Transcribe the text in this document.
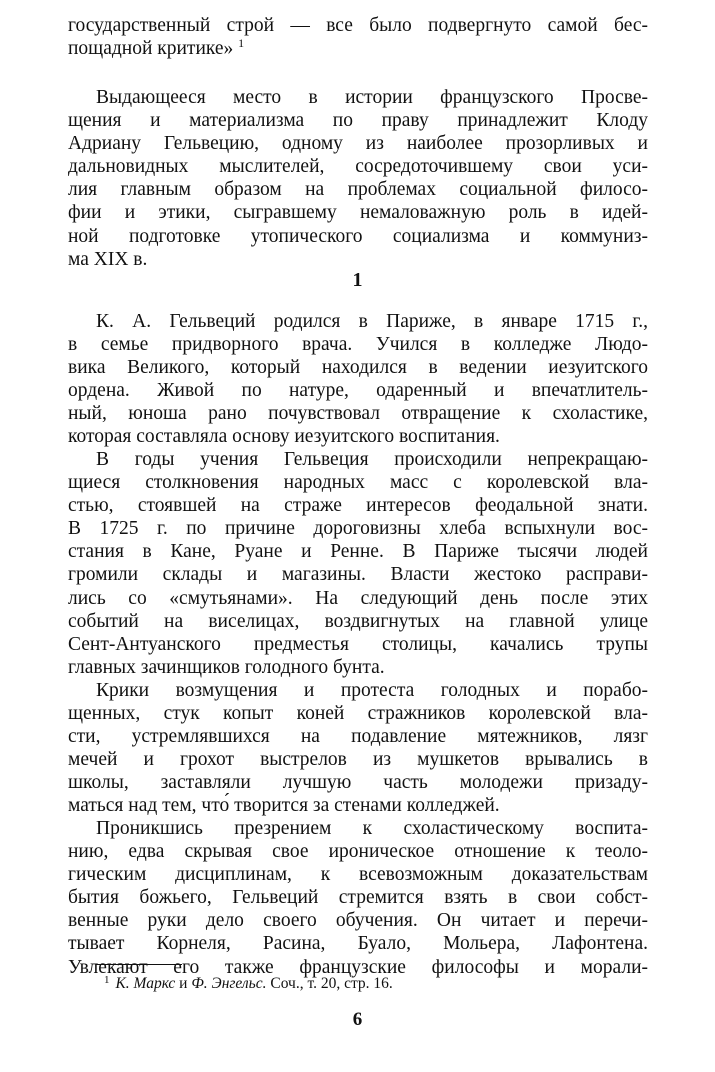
государственный строй — все было подвергнуто самой бес-
пощадной критике» $^1$
Выдающееся место в истории французского Просве-
щения и материализма по праву принадлежит Клоду
Адриану Гельвецию, одному из наиболее прозорливых и
дальновидных мыслителей, сосредоточившему свои уси-
лия главным образом на проблемах социальной филосо-
фии и этики, сыгравшему немаловажную роль в идей-
ной подготовке утопического социализма и коммуниз-
ма XIX в.
1
К. А. Гельвеций родился в Париже, в январе 1715 г.,
в семье придворного врача. Учился в колледже Людо-
вика Великого, который находился в ведении иезуитского
ордена. Живой по натуре, одаренный и впечатлитель-
ный, юноша рано почувствовал отвращение к схоластике,
которая составляла основу иезуитского воспитания.
В годы учения Гельвеция происходили непрекращаю-
щиеся столкновения народных масс с королевской вла-
стью, стоявшей на страже интересов феодальной знати.
В 1725 г. по причине дороговизны хлеба вспыхнули вос-
стания в Кане, Руане и Ренне. В Париже тысячи людей
громили склады и магазины. Власти жестоко расправи-
лись со «смутьянами». На следующий день после этих
событий на виселицах, воздвигнутых на главной улице
Сент-Антуанского предместья столицы, качались трупы
главных зачинщиков голодного бунта.
Крики возмущения и протеста голодных и порабо-
щенных, стук копыт коней стражников королевской вла-
сти, устремлявшихся на подавление мятежников, лязг
мечей и грохот выстрелов из мушкетов врывались в
школы, заставляли лучшую часть молодежи призаду-
маться над тем, что́ творится за стенами колледжей.
Проникшись презрением к схоластическому воспита-
нию, едва скрывая свое ироническое отношение к теоло-
гическим дисциплинам, к всевозможным доказательствам
бытия божьего, Гельвеций стремится взять в свои собст-
венные руки дело своего обучения. Он читает и перечи-
тывает Корнеля, Расина, Буало, Мольера, Лафонтена.
Увлекают его также французские философы и морали-
$^1$ К. Маркс и Ф. Энгельс. Соч., т. 20, стр. 16.
6
